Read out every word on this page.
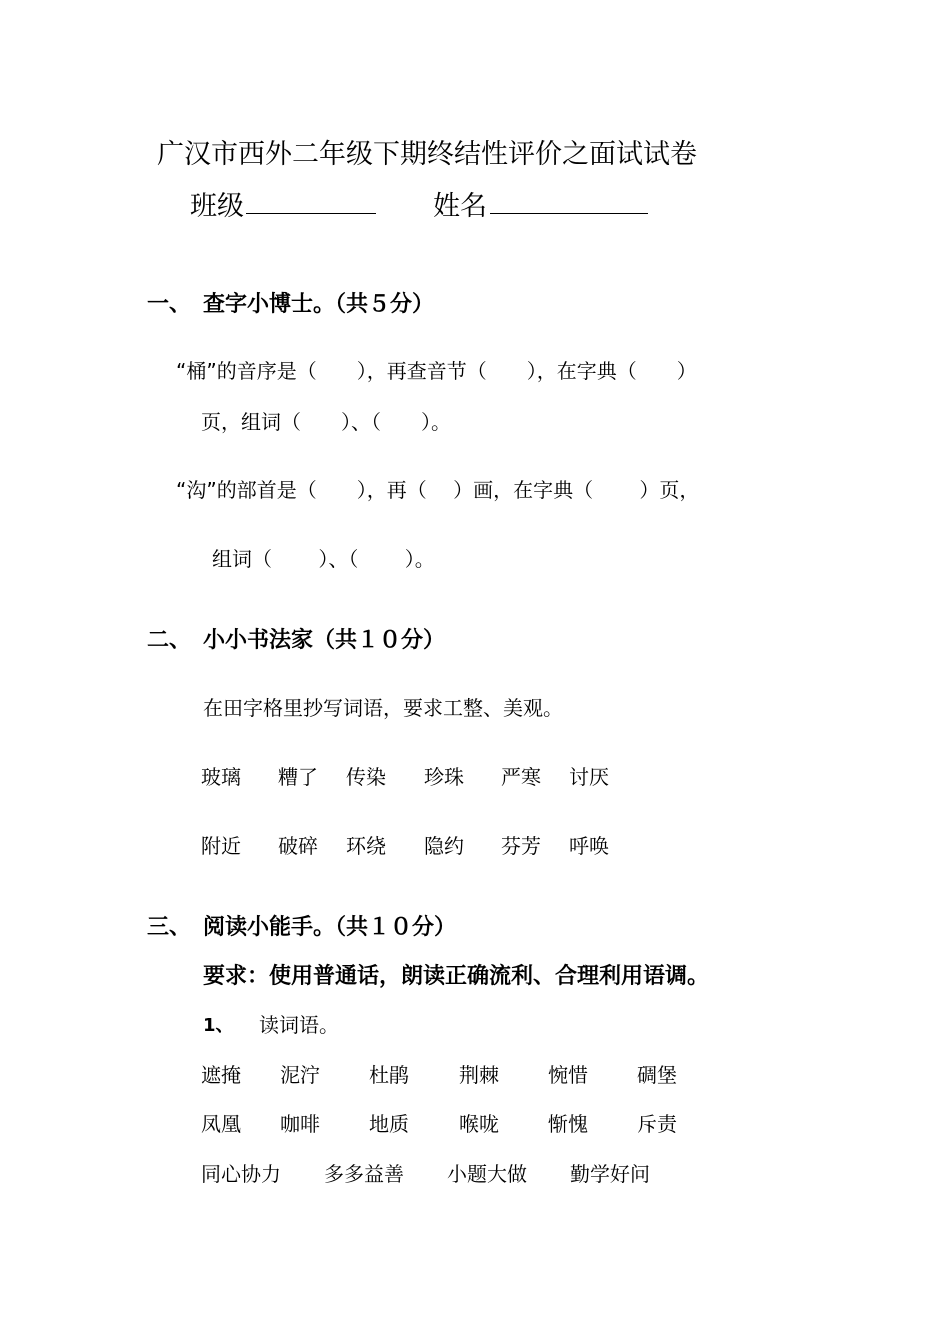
广汉市西外二年级下期终结性评价之面试试卷
班级	姓名
一、 查字小博士。（共５分）
“桶”的音序是（　　），再查音节（　　），在字典（　　）
页，组词（　　）、（　　）。
“沟”的部首是（　　），再（　 ）画，在字典（　　 ）页，
组词（　　 ）、（　　 ）。
二、 小小书法家（共１０分）
在田字格里抄写词语，要求工整、美观。
玻璃 糟了 传染 珍珠 严寒 讨厌
附近 破碎 环绕 隐约 芬芳 呼唤
三、 阅读小能手。（共１０分）
要求：使用普通话，朗读正确流利、合理利用语调。
1、 读词语。
遮掩 泥泞 杜鹃	荆棘 惋惜 碉堡
凤凰 咖啡 地质	喉咙 惭愧 斥责
同心协力 多多益善 小题大做 勤学好问
